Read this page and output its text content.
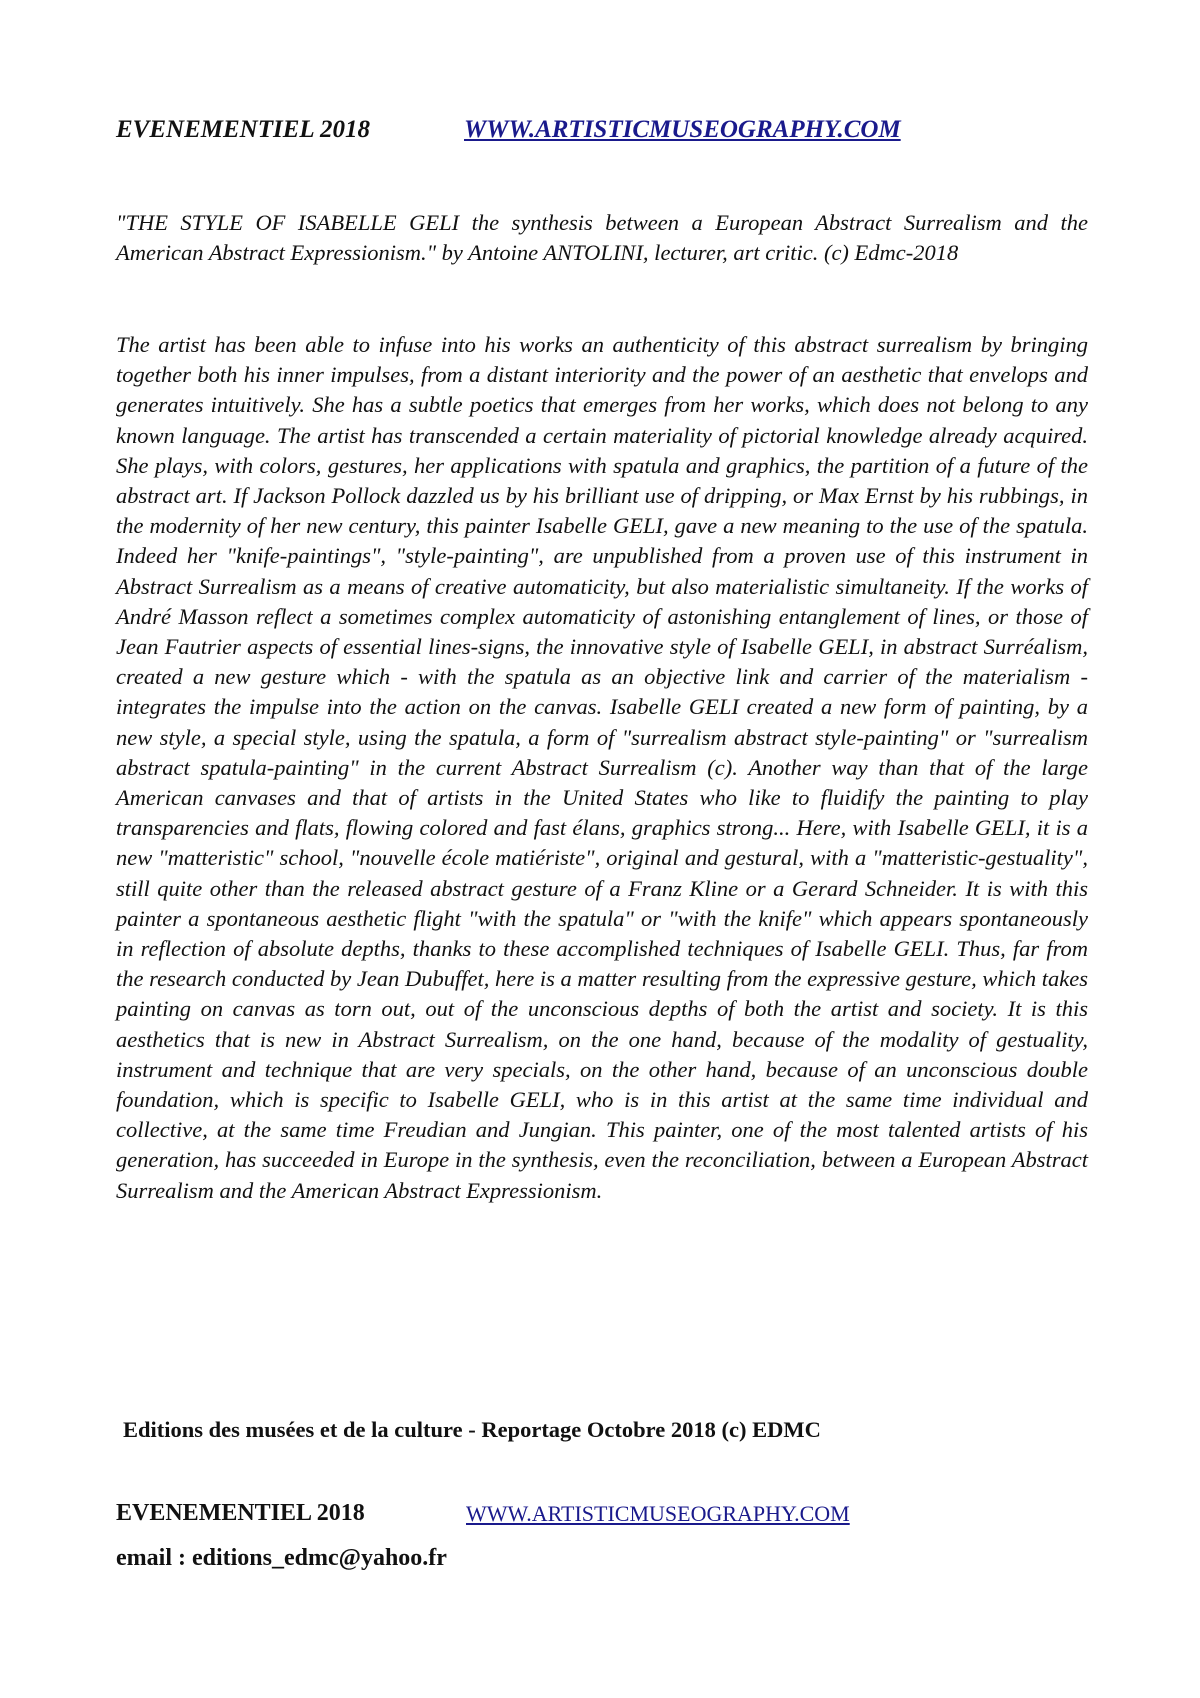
EVENEMENTIEL 2018	WWW.ARTISTICMUSEOGRAPHY.COM
"THE STYLE OF ISABELLE GELI the synthesis between a European Abstract Surrealism and the American Abstract Expressionism." by Antoine ANTOLINI, lecturer, art critic. (c) Edmc-2018
The artist has been able to infuse into his works an authenticity of this abstract surrealism by bringing together both his inner impulses, from a distant interiority and the power of an aesthetic that envelops and generates intuitively. She has a subtle poetics that emerges from her works, which does not belong to any known language. The artist has transcended a certain materiality of pictorial knowledge already acquired. She plays, with colors, gestures, her applications with spatula and graphics, the partition of a future of the abstract art. If Jackson Pollock dazzled us by his brilliant use of dripping, or Max Ernst by his rubbings, in the modernity of her new century, this painter Isabelle GELI, gave a new meaning to the use of the spatula. Indeed her "knife-paintings", "style-painting", are unpublished from a proven use of this instrument in Abstract Surrealism as a means of creative automaticity, but also materialistic simultaneity. If the works of André Masson reflect a sometimes complex automaticity of astonishing entanglement of lines, or those of Jean Fautrier aspects of essential lines-signs, the innovative style of Isabelle GELI, in abstract Surréalism, created a new gesture which - with the spatula as an objective link and carrier of the materialism - integrates the impulse into the action on the canvas. Isabelle GELI created a new form of painting, by a new style, a special style, using the spatula, a form of "surrealism abstract style-painting" or "surrealism abstract spatula-painting" in the current Abstract Surrealism (c). Another way than that of the large American canvases and that of artists in the United States who like to fluidify the painting to play transparencies and flats, flowing colored and fast élans, graphics strong... Here, with Isabelle GELI, it is a new "matteristic" school, "nouvelle école matiériste", original and gestural, with a "matteristic-gestuality", still quite other than the released abstract gesture of a Franz Kline or a Gerard Schneider. It is with this painter a spontaneous aesthetic flight "with the spatula" or "with the knife" which appears spontaneously in reflection of absolute depths, thanks to these accomplished techniques of Isabelle GELI. Thus, far from the research conducted by Jean Dubuffet, here is a matter resulting from the expressive gesture, which takes painting on canvas as torn out, out of the unconscious depths of both the artist and society. It is this aesthetics that is new in Abstract Surrealism, on the one hand, because of the modality of gestuality, instrument and technique that are very specials, on the other hand, because of an unconscious double foundation, which is specific to Isabelle GELI, who is in this artist at the same time individual and collective, at the same time Freudian and Jungian. This painter, one of the most talented artists of his generation, has succeeded in Europe in the synthesis, even the reconciliation, between a European Abstract Surrealism and the American Abstract Expressionism.
Editions des musées et de la culture - Reportage Octobre 2018 (c) EDMC
EVENEMENTIEL 2018	WWW.ARTISTICMUSEOGRAPHY.COM
email : editions_edmc@yahoo.fr
